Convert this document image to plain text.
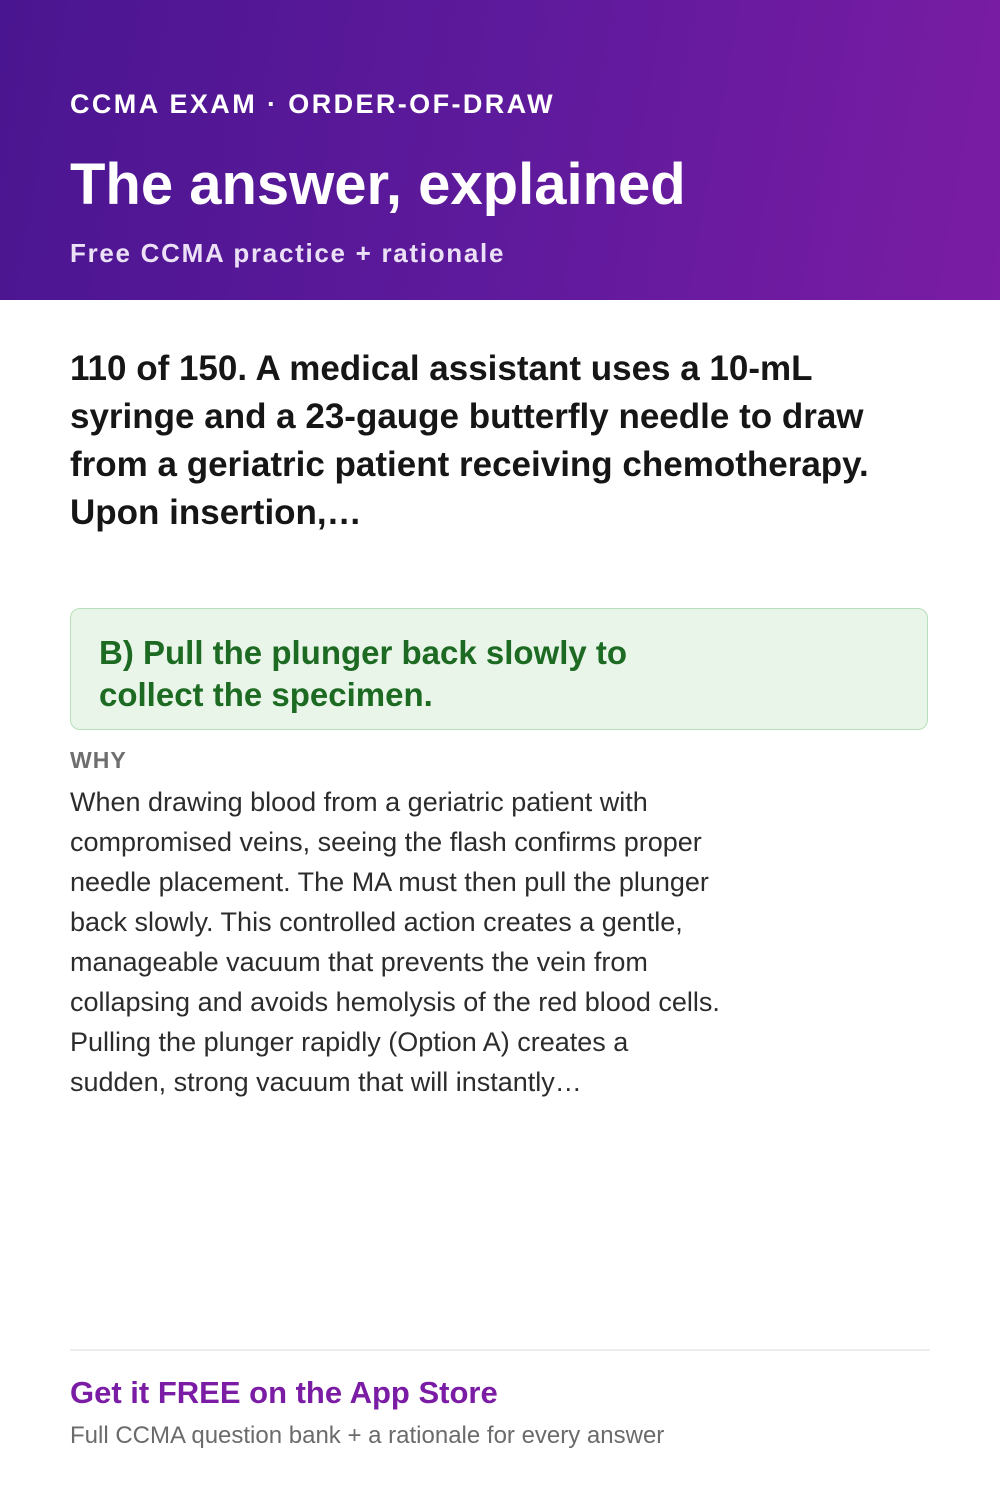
CCMA EXAM · ORDER-OF-DRAW
The answer, explained
Free CCMA practice + rationale

110 of 150. A medical assistant uses a 10-mL syringe and a 23-gauge butterfly needle to draw from a geriatric patient receiving chemotherapy. Upon insertion,…

B) Pull the plunger back slowly to collect the specimen.

WHY

When drawing blood from a geriatric patient with compromised veins, seeing the flash confirms proper needle placement. The MA must then pull the plunger back slowly. This controlled action creates a gentle, manageable vacuum that prevents the vein from collapsing and avoids hemolysis of the red blood cells. Pulling the plunger rapidly (Option A) creates a sudden, strong vacuum that will instantly…

Get it FREE on the App Store
Full CCMA question bank + a rationale for every answer
